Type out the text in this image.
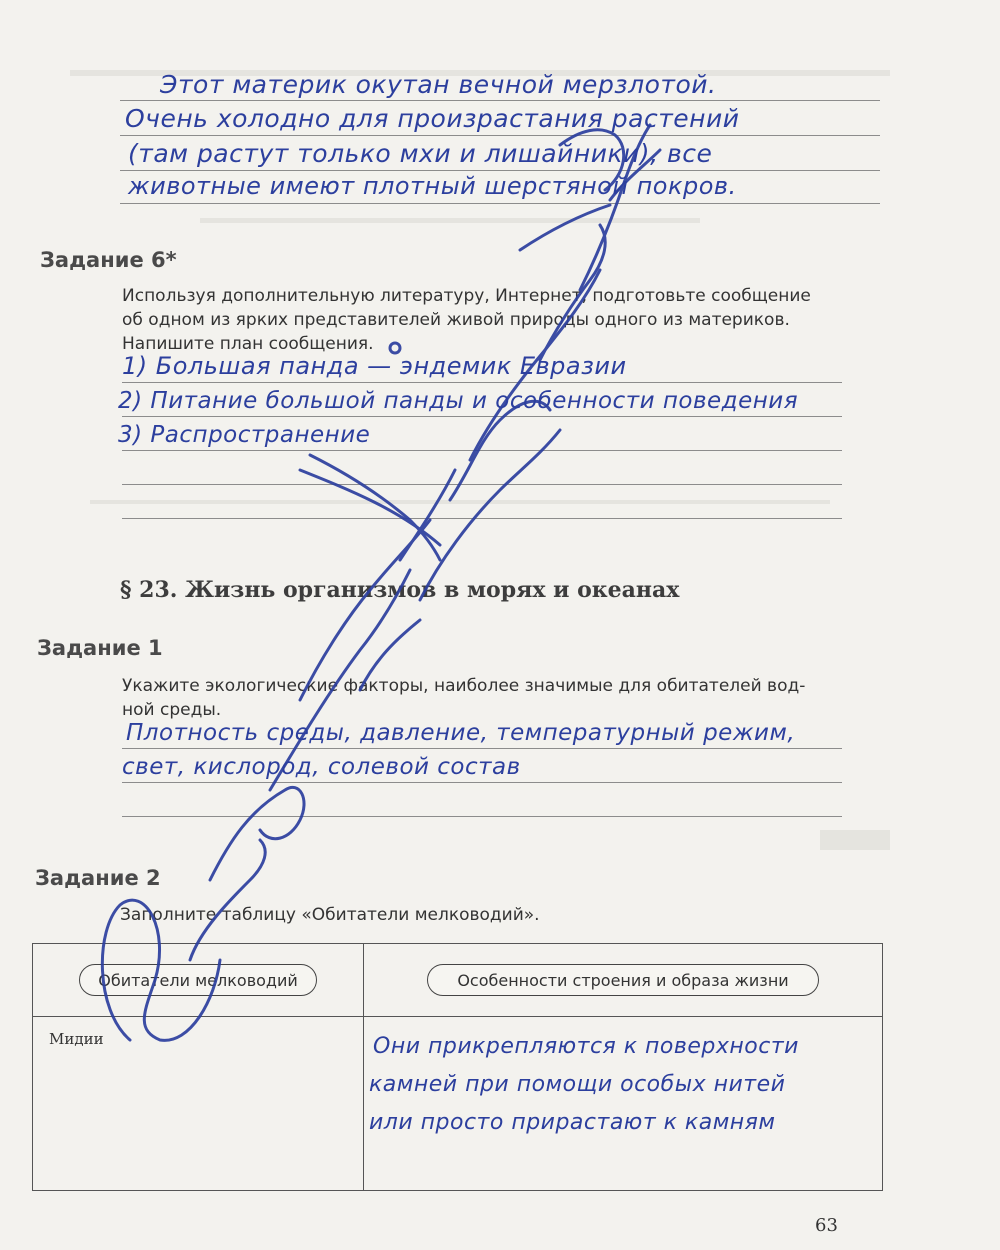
Этот материк окутан вечной мерзлотой.
Очень холодно для произрастания растений
(там растут только мхи и лишайники), все
животные имеют плотный шерстяной покров.
Задание 6*
Используя дополнительную литературу, Интернет, подготовьте сообщение
об одном из ярких представителей живой природы одного из материков.
Напишите план сообщения.
1) Большая панда — эндемик Евразии
2) Питание большой панды и особенности поведения
3) Распространение
§ 23. Жизнь организмов в морях и океанах
Задание 1
Укажите экологические факторы, наиболее значимые для обитателей вод-
ной среды.
Плотность среды, давление, температурный режим,
свет, кислород, солевой состав
Задание 2
Заполните таблицу «Обитатели мелководий».
Обитатели мелководий	Особенности строения и образа жизни
Мидии	Они прикрепляются к поверхности
камней при помощи особых нитей
или просто прирастают к камням
63
